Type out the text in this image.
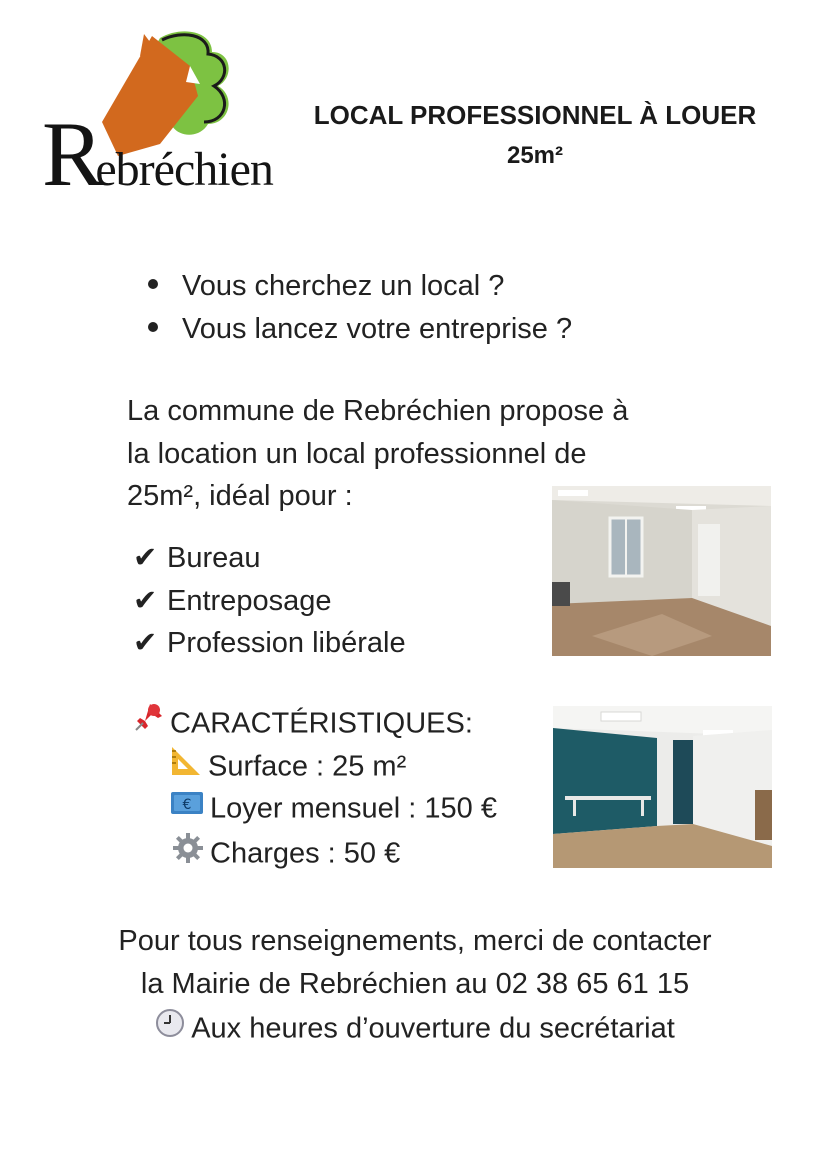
Rebréchien
LOCAL PROFESSIONNEL À LOUER
25m²
Vous cherchez un local ?
Vous lancez votre entreprise ?
La commune de Rebréchien propose à
la location un local professionnel de
25m², idéal pour :
✔ Bureau
✔ Entreposage
✔ Profession libérale
CARACTÉRISTIQUES:
Surface : 25 m²
€ Loyer mensuel : 150 €
Charges : 50 €
Pour tous renseignements, merci de contacter
la Mairie de Rebréchien au 02 38 65 61 15
Aux heures d’ouverture du secrétariat
